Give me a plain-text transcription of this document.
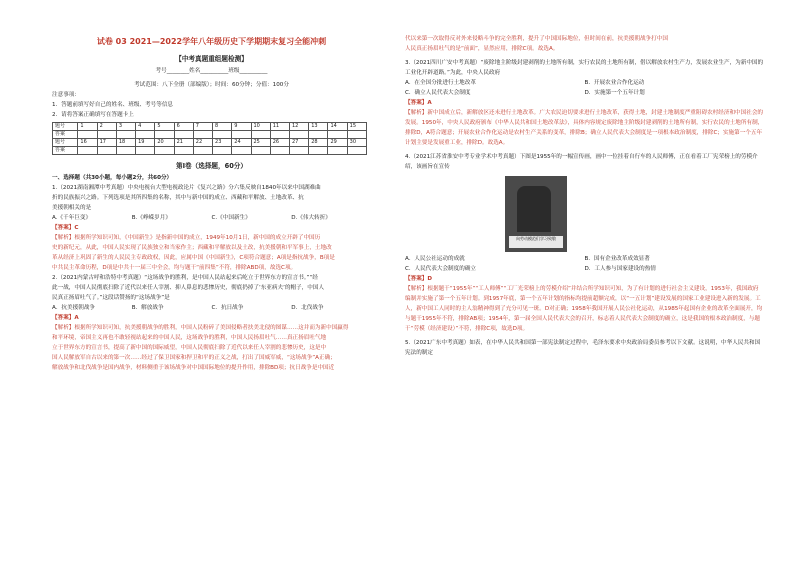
试卷 03 2021—2022学年八年级历史下学期期末复习全能冲刺
【中考真题重组题检测】
考号________姓名__________班级__________
考试范围：八下全册（部编版）；时间：60分钟；分值：100分
注意事项：
1．答题前填写好自己的姓名、班级、考号等信息
2．请将答案正确填写在答题卡上
题号	1	2	3	4	5	6	7	8	9	10	11	12	13	14	15
答案															
题号	16	17	18	19	20	21	22	23	24	25	26	27	28	29	30
答案															
第I卷（选择题，60分）
一、选择题（共30小题，每小题2分，共60分）
1.（2021湖南湘潭中考真题）中央电视台大型电视政论片《复兴之路》分六集反映自1840年以来中国湖难曲
折的民族振兴之路。下列选项是其所四集的名称，其中与新中国的成立、西藏和平解放、土地改革、抗
美援朝相关的是
A.《千年巨变》	B.《峥嵘岁月》	C.《中国新生》	D.《伟大转折》
【答案】C
【解析】根据所学知识可知，《中国新生》是指新中国的成立，1949年10月1日，新中国的成立开辟了中国历
史的新纪元，从此，中国人民实现了民族独立和当家作主；西藏和平解放以及土改，抗美援朝和平军事上，土地改
革从经济上巩固了新生的人民民主专政政权，因此，应属中国《中国新生》，C项符合题意；A项是指抗战争，B项是
中共民主革命历程，D项是中共十一届三中全会，均与题干“前四集”不符，排除ABD项，故选C项。
2.（2021内蒙古呼和浩特中考真题）“这场战争的胜利，是中国人民站起来后屹立于世界东方的宣言书。”“经
此一战，中国人民彻底扫除了近代以来任人宰割、抑人鼻息的悲惨历史，彻底扔掉了‘东亚病夫’的帽子，中国人
民真正扬眉吐气了。”这段话赞扬的“这场战争”是
A．抗美援朝战争	B．解放战争	C．抗日战争	D．北伐战争
【答案】A
【解析】根据所学知识可知，抗美援朝战争的胜利，中国人民粉碎了美国侵略者扶美北侵的图谋……这并而为新中国赢得
和平环境，帝国主义再也不敢轻视站起来的中国人民，这场战争的胜利，中国人民扬眉吐气……真正扬眉吐气地
立于世界东方的宣言书，提高了新中国的国际威望，中国人民彻底扫除了近代以来任人宰割的悲惨历史，这是中
国人民解放军自古以来的第一次……经过了保卫国家和捍卫和平的正义之战，打出了国威军威，“这场战争”A正确；
解放战争和北伐战争是国内战争，材料侧重于该场战争对中国国际地位的提升作用，排除BD项；抗日战争是中国近
代以来第一次取得反对外来侵略斗争的完全胜利，提升了中国国际地位，但时间在前，抗美援朝战争打中国
人民真正扬眉吐气的是“前面”，显然应用，排除C项。故选A。
3.（2021四川广安中考真题）“废除地主阶级封建剥削的土地所有制，实行农民的土地所有制，借以解放农村生产力，发展农业生产，为新中国的工业化开辟道路。”为此，中央人民政府
A．在全国分批进行土地改革	B．开展农业合作化运动
C．确立人民代表大会制度	D．实施第一个五年计划
【答案】A
【解析】新中国成立后，新解放区还未进行土地改革。广大农民迫切要求进行土地改革，获得土地，封建土地制度严重阻碍农村经济和中国社会的发展。1950年，中央人民政府颁布《中华人民共和国土地改革法》，具体内容规定废除地主阶级封建剥削的土地所有制，实行农民的土地所有制，排除D，A符合题意；开展农业合作化运动是农村生产关系的变革，排除B；确立人民代表大会制度是一项根本政治制度，排除C；实施第一个五年计划主要是发展重工业，排除D。故选A。
4.（2021江苏省淮安中考专业学术中考真题）下图是1955年的一幅宣传画，画中一位挂着自行车的人民师傅，正在看着工厂宪荣榜上的劳模介绍，该画旨在宣传
向劳动模范们学习致敬
A．人民公社运动的成就	B．国有企业改革成效显著
C．人民代表大会制度的确立	D．工人参与国家建设的热情
【答案】D
【解析】根据题干“1955年”“工人师傅”“工厂光荣榜上的劳模介绍”并结合所学知识可知，为了有计划的进行社会主义建设，1953年，我国政府编制并实施了第一个五年计划。到1957年底，第一个五年计划的指标均提前超额完成，以“一五计划”建设发展的国家工业建设进入新的发展。工人，新中国工人同时的主人翁精神得到了充分可见一斑。D对正确；1958年我国开展人民公社化运动，从1985年起国有企业的改革全面展开，均与题干1955年不符，排除AB项；1954年，第一届全国人民代表大会的召开，标志着人民代表大会制度的确立，这是我国的根本政治制度，与题干“劳模（经济建设）”不符，排除C项，故选D项。
5.（2021广东中考真题）如表，在中华人民共和国第一部宪法制定过程中，毛泽东要求中央政治局委员参考以下文献。这说明，中华人民共和国宪法的制定
